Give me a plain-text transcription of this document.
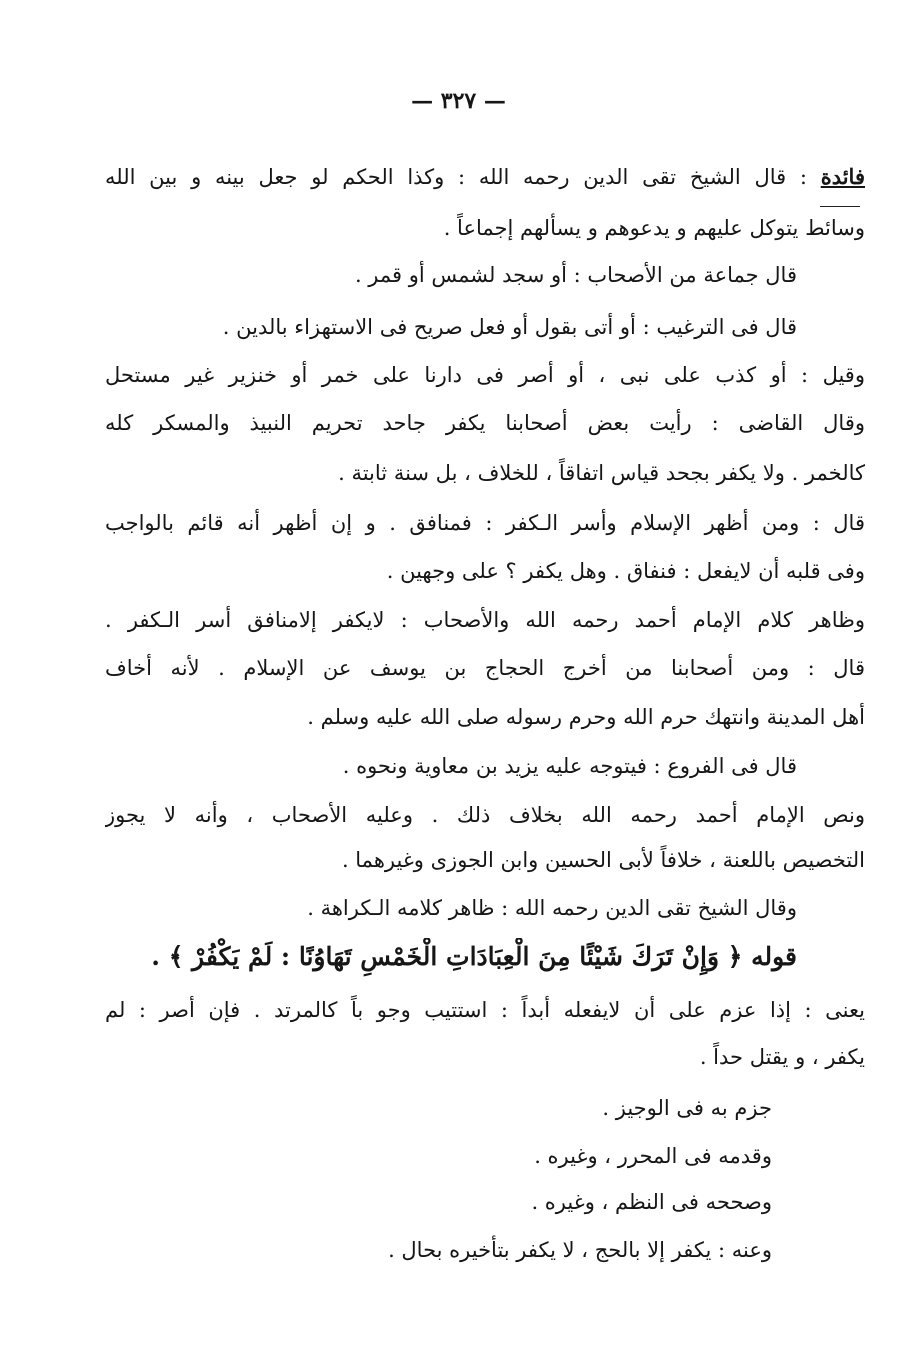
— ٣٢٧ —
فائدة : قال الشيخ تقى الدين رحمه الله : وكذا الحكم لو جعل بينه و بين الله
وسائط يتوكل عليهم و يدعوهم و يسألهم إجماعاً .
قال جماعة من الأصحاب : أو سجد لشمس أو قمر .
قال فى الترغيب : أو أتى بقول أو فعل صريح فى الاستهزاء بالدين .
وقيل : أو كذب على نبى ، أو أصر فى دارنا على خمر أو خنزير غير مستحل
وقال القاضى : رأيت بعض أصحابنا يكفر جاحد تحريم النبيذ والمسكر كله
كالخمر . ولا يكفر بجحد قياس اتفاقاً ، للخلاف ، بل سنة ثابتة .
قال : ومن أظهر الإسلام وأسر الـكفر : فمنافق . و إن أظهر أنه قائم بالواجب
وفى قلبه أن لايفعل : فنفاق . وهل يكفر ؟ على وجهين .
وظاهر كلام الإمام أحمد رحمه الله والأصحاب : لايكفر إلامنافق أسر الـكفر .
قال : ومن أصحابنا من أخرج الحجاج بن يوسف عن الإسلام . لأنه أخاف
أهل المدينة وانتهك حرم الله وحرم رسوله صلى الله عليه وسلم .
قال فى الفروع : فيتوجه عليه يزيد بن معاوية ونحوه .
ونص الإمام أحمد رحمه الله بخلاف ذلك . وعليه الأصحاب ، وأنه لا يجوز
التخصيص باللعنة ، خلافاً لأبى الحسين وابن الجوزى وغيرهما .
وقال الشيخ تقى الدين رحمه الله : ظاهر كلامه الـكراهة .
قوله ﴿ وَإِنْ تَرَكَ شَيْئًا مِنَ الْعِبَادَاتِ الْخَمْسِ تَهَاوُنًا : لَمْ يَكْفُرْ ﴾ .
يعنى : إذا عزم على أن لايفعله أبداً : استتيب وجو باً كالمرتد . فإن أصر : لم
يكفر ، و يقتل حداً .
جزم به فى الوجيز .
وقدمه فى المحرر ، وغيره .
وصححه فى النظم ، وغيره .
وعنه : يكفر إلا بالحج ، لا يكفر بتأخيره بحال .
